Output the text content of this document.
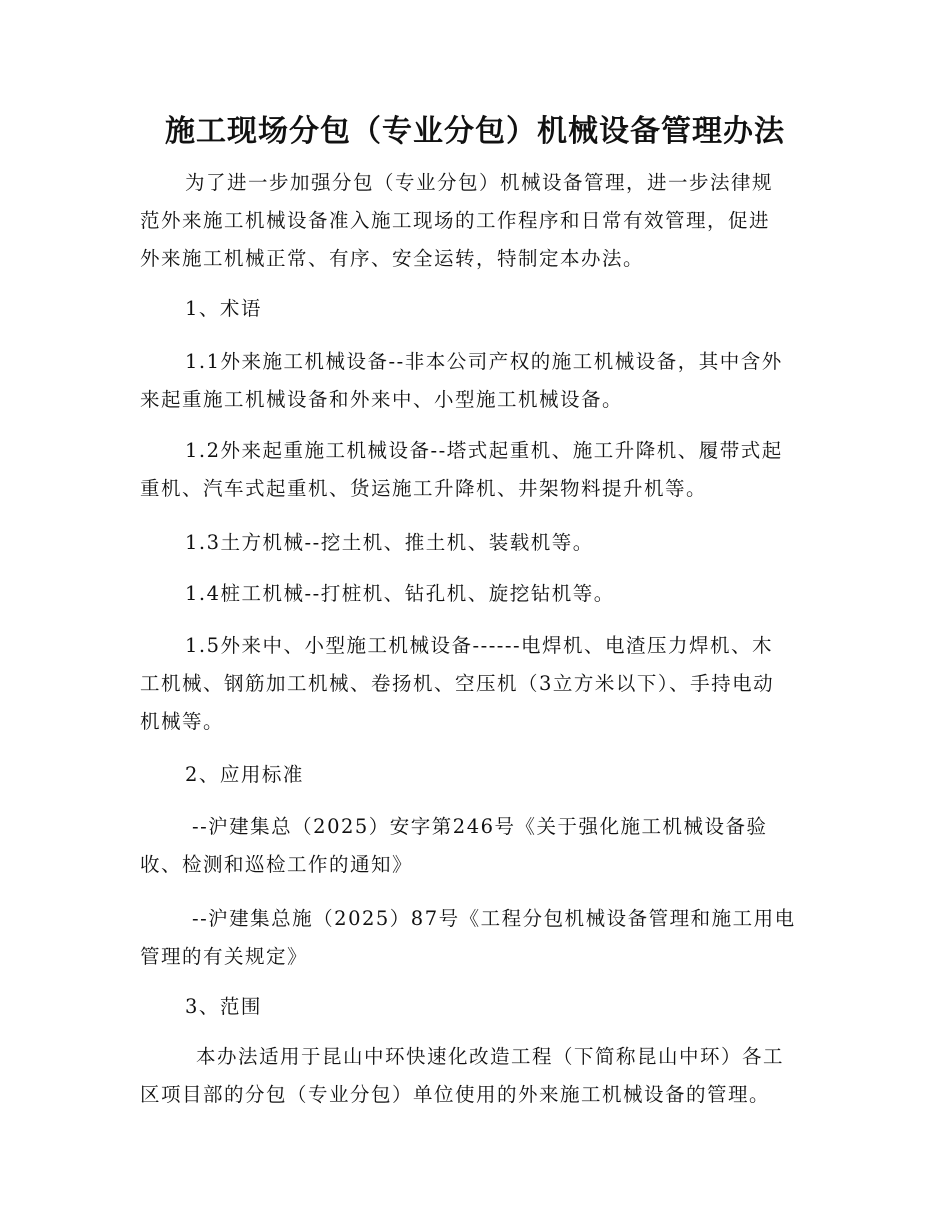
施工现场分包（专业分包）机械设备管理办法
为了进一步加强分包（专业分包）机械设备管理，进一步法律规
范外来施工机械设备准入施工现场的工作程序和日常有效管理，促进
外来施工机械正常、有序、安全运转，特制定本办法。
1、术语
1.1外来施工机械设备--非本公司产权的施工机械设备，其中含外
来起重施工机械设备和外来中、小型施工机械设备。
1.2外来起重施工机械设备--塔式起重机、施工升降机、履带式起
重机、汽车式起重机、货运施工升降机、井架物料提升机等。
1.3土方机械--挖土机、推土机、装载机等。
1.4桩工机械--打桩机、钻孔机、旋挖钻机等。
1.5外来中、小型施工机械设备------电焊机、电渣压力焊机、木
工机械、钢筋加工机械、卷扬机、空压机（3立方米以下）、手持电动
机械等。
2、应用标准
--沪建集总（2025）安字第246号《关于强化施工机械设备验
收、检测和巡检工作的通知》
--沪建集总施（2025）87号《工程分包机械设备管理和施工用电
管理的有关规定》
3、范围
本办法适用于昆山中环快速化改造工程（下简称昆山中环）各工
区项目部的分包（专业分包）单位使用的外来施工机械设备的管理。
